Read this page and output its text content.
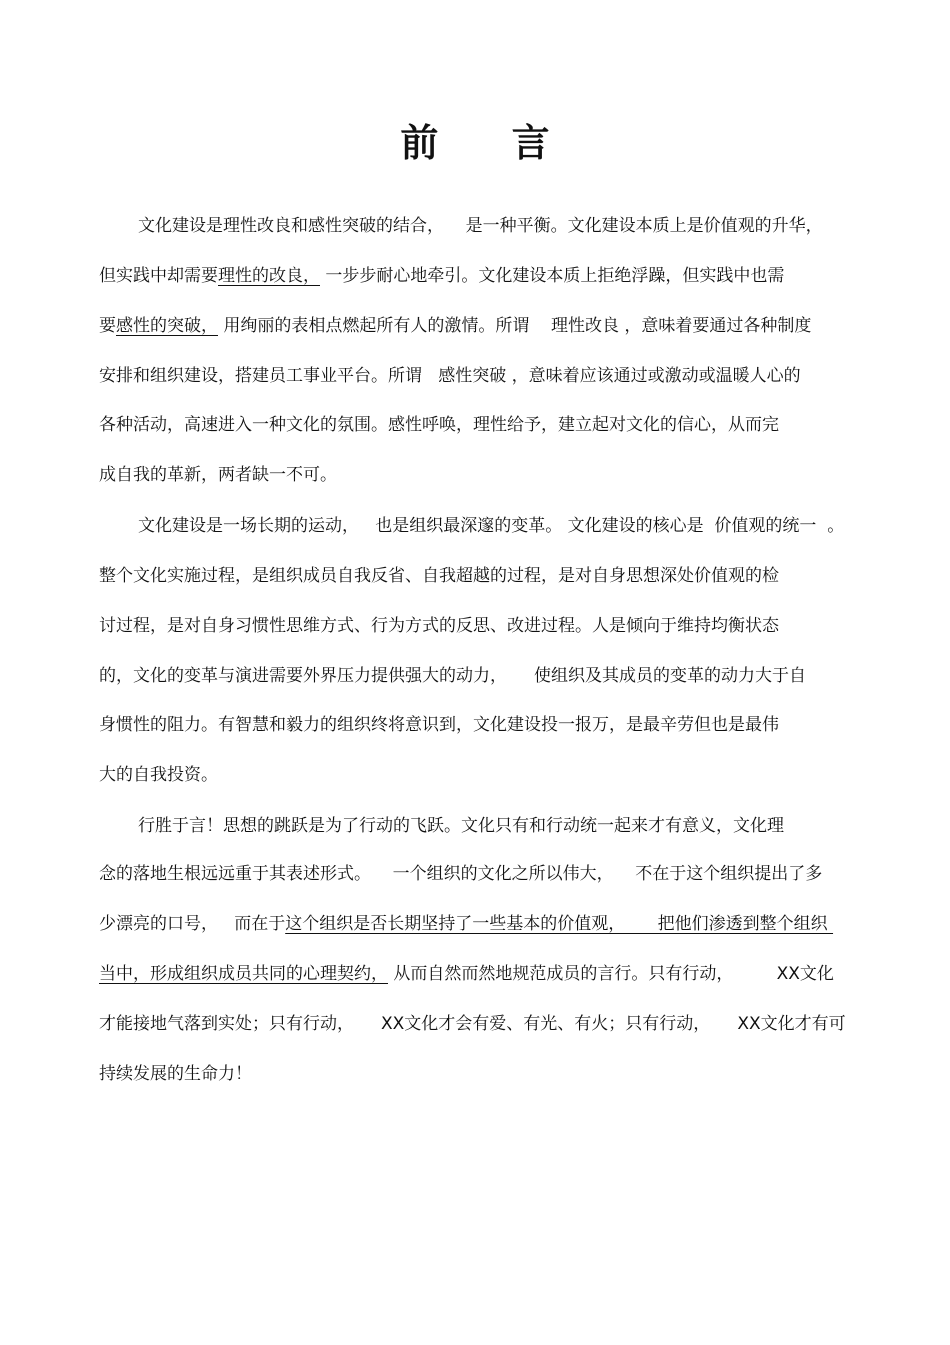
前 言

文化建设是理性改良和感性突破的结合，    是一种平衡。文化建设本质上是价值观的升华，

但实践中却需要理性的改良， 一步步耐心地牵引。文化建设本质上拒绝浮躁，但实践中也需

要感性的突破， 用绚丽的表相点燃起所有人的激情。所谓    理性改良 ，意味着要通过各种制度

安排和组织建设，搭建员工事业平台。所谓   感性突破 ，意味着应该通过或激动或温暖人心的

各种活动，高速进入一种文化的氛围。感性呼唤，理性给予，建立起对文化的信心，从而完

成自我的革新，两者缺一不可。

文化建设是一场长期的运动，   也是组织最深邃的变革。 文化建设的核心是  价值观的统一  。

整个文化实施过程，是组织成员自我反省、自我超越的过程，是对自身思想深处价值观的检

讨过程，是对自身习惯性思维方式、行为方式的反思、改进过程。人是倾向于维持均衡状态

的，文化的变革与演进需要外界压力提供强大的动力，     使组织及其成员的变革的动力大于自

身惯性的阻力。有智慧和毅力的组织终将意识到，文化建设投一报万，是最辛劳但也是最伟

大的自我投资。

行胜于言！思想的跳跃是为了行动的飞跃。文化只有和行动统一起来才有意义，文化理

念的落地生根远远重于其表述形式。    一个组织的文化之所以伟大，    不在于这个组织提出了多

少漂亮的口号，   而在于这个组织是否长期坚持了一些基本的价值观，      把他们渗透到整个组织

当中，形成组织成员共同的心理契约， 从而自然而然地规范成员的言行。只有行动，        XX文化

才能接地气落到实处；只有行动，     XX文化才会有爱、有光、有火；只有行动，     XX文化才有可

持续发展的生命力！
